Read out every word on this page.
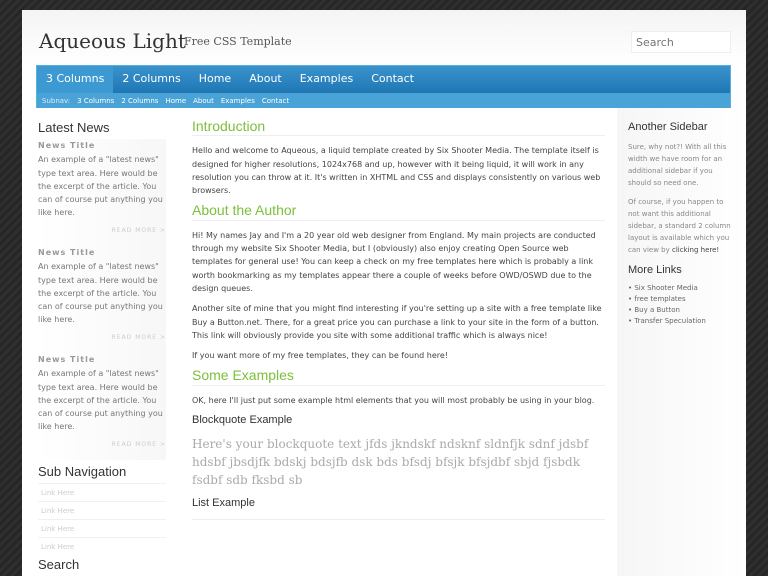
Aqueous Light
Free CSS Template
Search
3 Columns	2 Columns	Home	About	Examples	Contact
Subnav: 3 Columns 2 Columns Home About Examples Contact
Latest News
News Title
An example of a "latest news" type text area. Here would be the excerpt of the article. You can of course put anything you like here.
READ MORE >
News Title
An example of a "latest news" type text area. Here would be the excerpt of the article. You can of course put anything you like here.
READ MORE >
News Title
An example of a "latest news" type text area. Here would be the excerpt of the article. You can of course put anything you like here.
READ MORE >
Sub Navigation
Link Here
Link Here
Link Here
Link Here
Search
Introduction

Hello and welcome to Aqueous, a liquid template created by Six Shooter Media. The template itself is designed for higher resolutions, 1024x768 and up, however with it being liquid, it will work in any resolution you can throw at it. It's written in XHTML and CSS and displays consistently on various web browsers.

About the Author

Hi! My names Jay and I'm a 20 year old web designer from England. My main projects are conducted through my website Six Shooter Media, but I (obviously) also enjoy creating Open Source web templates for general use! You can keep a check on my free templates here which is probably a link worth bookmarking as my templates appear there a couple of weeks before OWD/OSWD due to the design queues.

Another site of mine that you might find interesting if you're setting up a site with a free template like Buy a Button.net. There, for a great price you can purchase a link to your site in the form of a button. This link will obviously provide you site with some additional traffic which is always nice!

If you want more of my free templates, they can be found here!

Some Examples

OK, here I'll just put some example html elements that you will most probably be using in your blog.

Blockquote Example
Here's your blockquote text jfds jkndskf ndsknf sldnfjk sdnf jdsbf hdsbf jbsdjfk bdskj bdsjfb dsk bds bfsdj bfsjk bfsjdbf sbjd fjsbdk fsdbf sdb fksbd sb
List Example
Another Sidebar

Sure, why not?! With all this width we have room for an additional sidebar if you should so need one.

Of course, if you happen to not want this additional sidebar, a standard 2 column layout is available which you can view by clicking here!

More Links
• Six Shooter Media
• free templates
• Buy a Button
• Transfer Speculation
